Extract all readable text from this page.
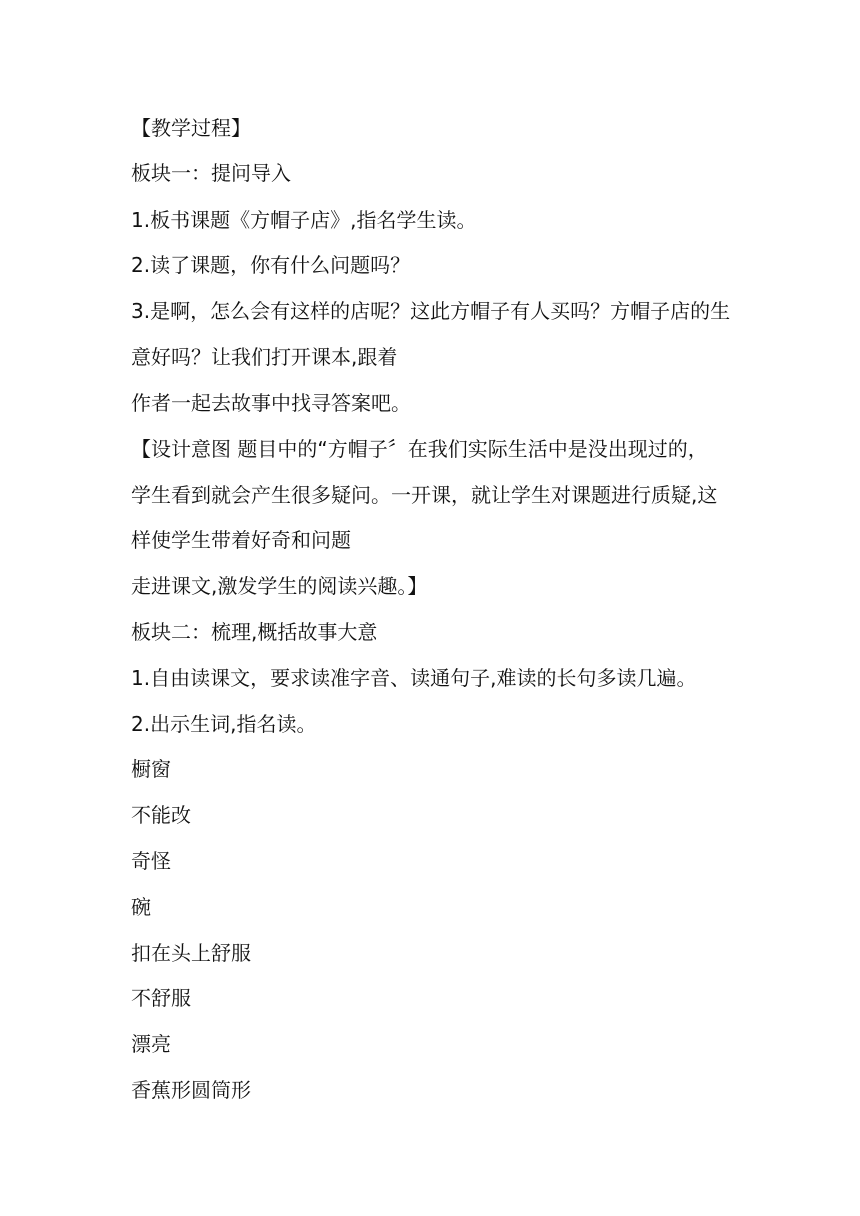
【教学过程】
板块一：提问导入
1.板书课题《方帽子店》,指名学生读。
2.读了课题，你有什么问题吗？
3.是啊，怎么会有这样的店呢？这此方帽子有人买吗？方帽子店的生
意好吗？让我们打开课本,跟着
作者一起去故事中找寻答案吧。
【设计意图 题目中的“方帽子〞在我们实际生活中是没出现过的，
学生看到就会产生很多疑问。一开课，就让学生对课题进行质疑,这
样使学生带着好奇和问题
走进课文,激发学生的阅读兴趣。】
板块二：梳理,概括故事大意
1.自由读课文，要求读准字音、读通句子,难读的长句多读几遍。
2.出示生词,指名读。
橱窗
不能改
奇怪
碗
扣在头上舒服
不舒服
漂亮
香蕉形圆筒形
